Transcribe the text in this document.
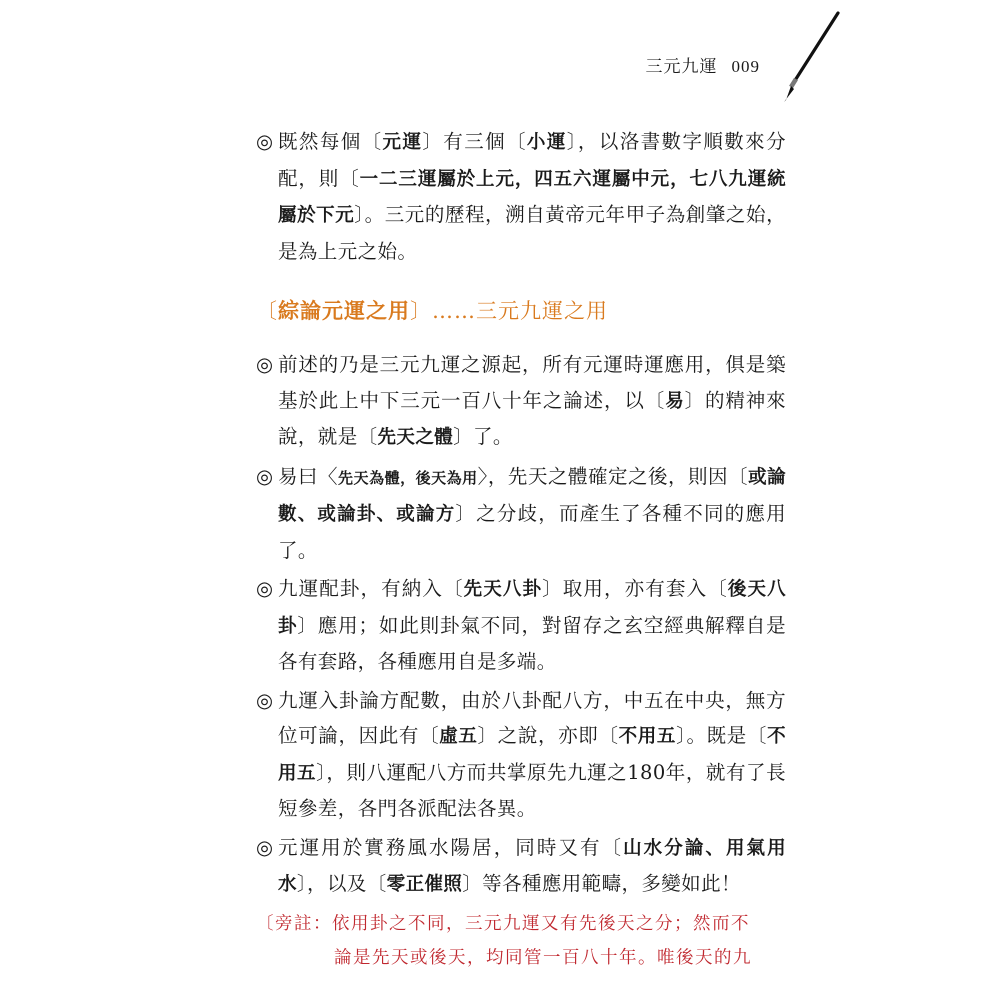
三元九運 009

◎ 既然每個〔元運〕有三個〔小運〕，以洛書數字順數來分配，則〔一二三運屬於上元，四五六運屬中元，七八九運統屬於下元〕。三元的歷程，溯自黃帝元年甲子為創肇之始，是為上元之始。

〔綜論元運之用〕……三元九運之用

◎ 前述的乃是三元九運之源起，所有元運時運應用，俱是築基於此上中下三元一百八十年之論述，以〔易〕的精神來說，就是〔先天之體〕了。

◎ 易曰〈先天為體，後天為用〉，先天之體確定之後，則因〔或論數、或論卦、或論方〕之分歧，而產生了各種不同的應用了。

◎ 九運配卦，有納入〔先天八卦〕取用，亦有套入〔後天八卦〕應用；如此則卦氣不同，對留存之玄空經典解釋自是各有套路，各種應用自是多端。

◎ 九運入卦論方配數，由於八卦配八方，中五在中央，無方位可論，因此有〔虛五〕之說，亦即〔不用五〕。既是〔不用五〕，則八運配八方而共掌原先九運之180年，就有了長短參差，各門各派配法各異。

◎ 元運用於實務風水陽居，同時又有〔山水分論、用氣用水〕，以及〔零正催照〕等各種應用範疇，多變如此！

〔旁註：依用卦之不同，三元九運又有先後天之分；然而不
論是先天或後天，均同管一百八十年。唯後天的九
